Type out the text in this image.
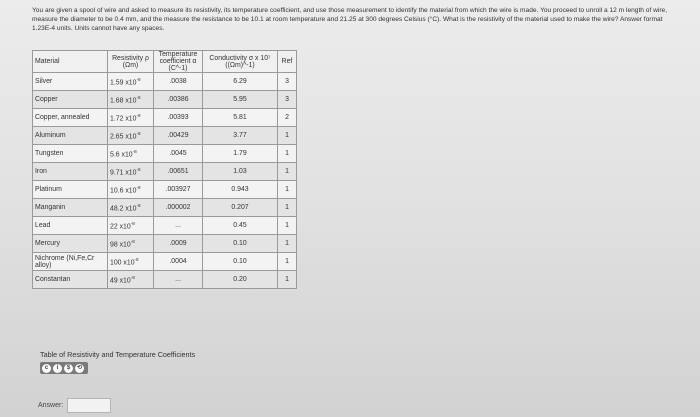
You are given a spool of wire and asked to measure its resistivity, its temperature coefficient, and use those measurement to identify the material from which the wire is made. You proceed to unroll a 12 m length of wire, measure the diameter to be 0.4 mm, and the measure the resistance to be 10.1 at room temperature and 21.25 at 300 degrees Celsius (°C). What is the resistivity of the material used to make the wire? Answer format 1.23E-4 units. Units cannot have any spaces.
Material	Resistivity ρ (Ωm)	Temperature coefficient α (C^-1)	Conductivity σ x 10⁷ ((Ωm)^-1)	Ref
Silver	1.59 $x10^{-8}$	.0038	6.29	3
Copper	1.68 $x10^{-8}$	.00386	5.95	3
Copper, annealed	1.72 $x10^{-8}$	.00393	5.81	2
Aluminum	2.65 $x10^{-8}$	.00429	3.77	1
Tungsten	5.6 $x10^{-8}$	.0045	1.79	1
Iron	9.71 $x10^{-8}$	.00651	1.03	1
Platinum	10.6 $x10^{-8}$	.003927	0.943	1
Manganin	48.2 $x10^{-8}$	.000002	0.207	1
Lead	22 $x10^{-8}$	...	0.45	1
Mercury	98 $x10^{-8}$	.0009	0.10	1
Nichrome (Ni,Fe,Cr alloy)	100 $x10^{-8}$	.0004	0.10	1
Constantan	49 $x10^{-8}$	...	0.20	1
Table of Resistivity and Temperature Coefficients
c	i	$	⟲
Answer:
